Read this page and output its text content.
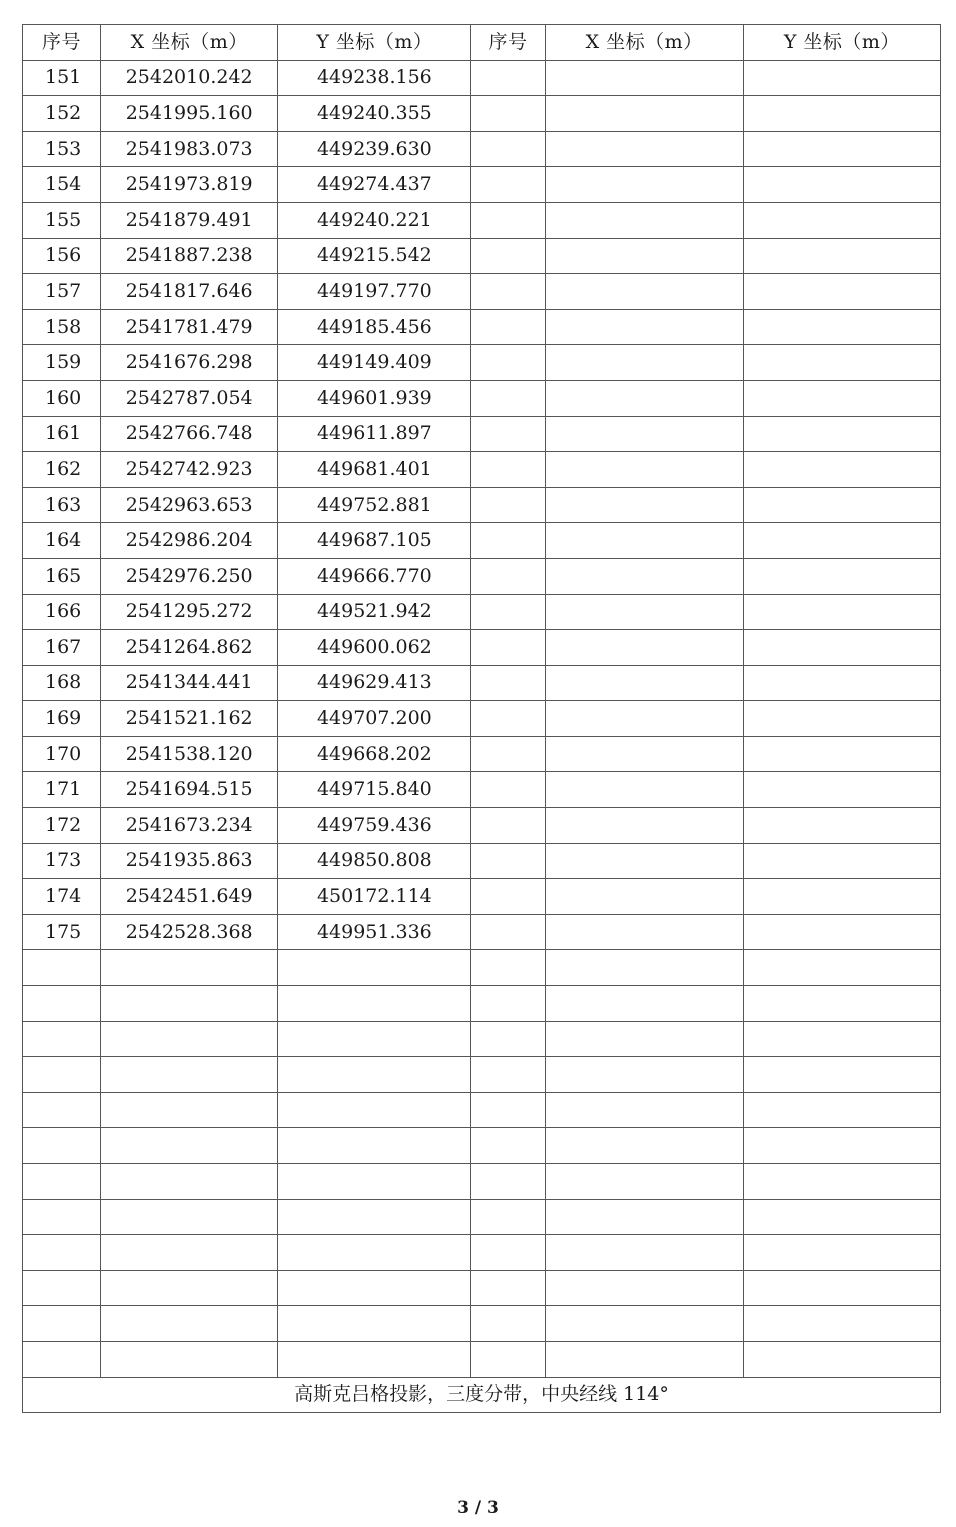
序号	X 坐标（m）	Y 坐标（m）	序号	X 坐标（m）	Y 坐标（m）
151	2542010.242	449238.156			
152	2541995.160	449240.355			
153	2541983.073	449239.630			
154	2541973.819	449274.437			
155	2541879.491	449240.221			
156	2541887.238	449215.542			
157	2541817.646	449197.770			
158	2541781.479	449185.456			
159	2541676.298	449149.409			
160	2542787.054	449601.939			
161	2542766.748	449611.897			
162	2542742.923	449681.401			
163	2542963.653	449752.881			
164	2542986.204	449687.105			
165	2542976.250	449666.770			
166	2541295.272	449521.942			
167	2541264.862	449600.062			
168	2541344.441	449629.413			
169	2541521.162	449707.200			
170	2541538.120	449668.202			
171	2541694.515	449715.840			
172	2541673.234	449759.436			
173	2541935.863	449850.808			
174	2542451.649	450172.114			
175	2542528.368	449951.336			

高斯克吕格投影，三度分带，中央经线 114°					
3 / 3
